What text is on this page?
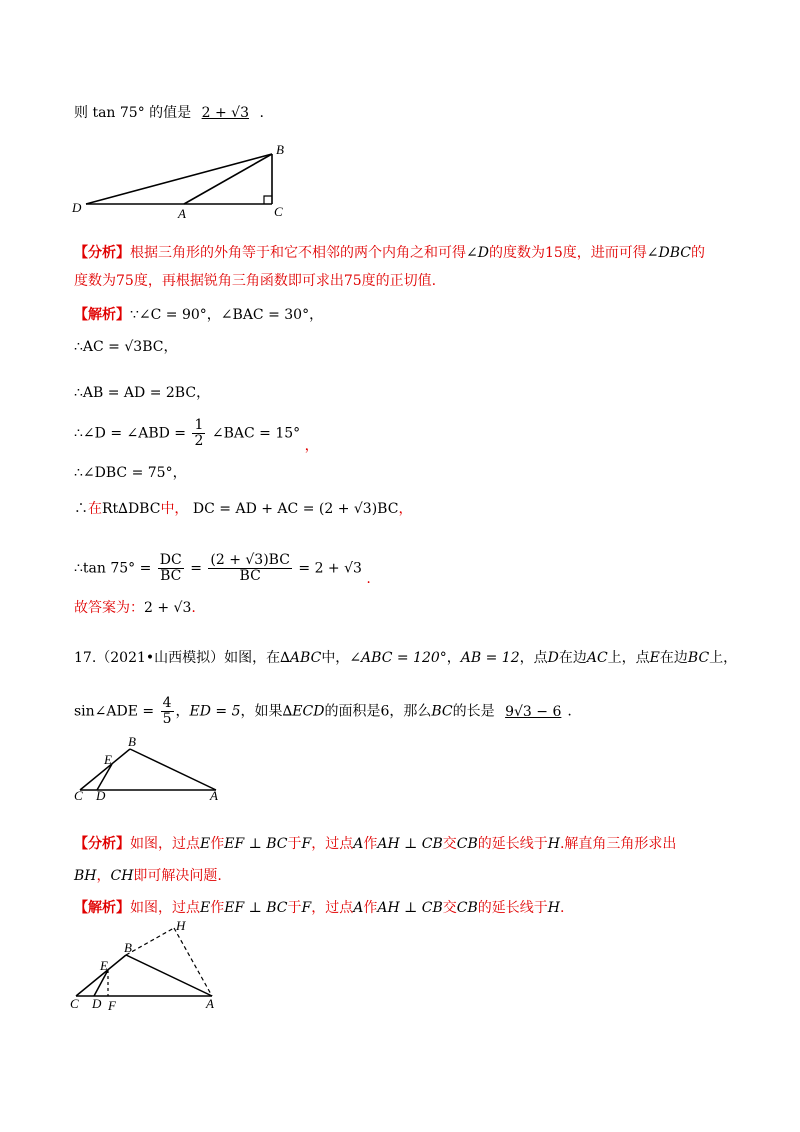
则 tan 75° 的值是 2 + √3 .
B
D	A	C
【分析】根据三角形的外角等于和它不相邻的两个内角之和可得∠D的度数为15度，进而可得∠DBC的
度数为75度，再根据锐角三角函数即可求出75度的正切值.
【解析】∵∠C = 90°，∠BAC = 30°，
∴AC = √3BC，
∴AB = AD = 2BC，
∴∠D = ∠ABD = $\frac{1}{2}$ ∠BAC = 15° ，
∴∠DBC = 75°，
∴在Rt∆DBC中， DC = AD + AC = (2 + √3)BC，
∴tan $75^\circ = \frac{DC}{BC} = \frac{(2 + √3)BC}{BC} = 2 + √3$ .
故答案为：2 + √3.
17.（2021•山西模拟）如图，在∆ABC中，∠ABC = 120°，AB = 12，点D在边AC上，点E在边BC上，
sin∠ADE = $\frac{4}{5}$ ，ED = 5，如果∆ECD的面积是6，那么BC的长是 9√3 − 6 .
B
E
C D	A
【分析】如图，过点E作EF ⊥ BC于F，过点A作AH ⊥ CB交CB的延长线于H.解直角三角形求出
BH，CH即可解决问题.
【解析】如图，过点E作EF ⊥ BC于F，过点A作AH ⊥ CB交CB的延长线于H.
H
B
E
C D F	A
